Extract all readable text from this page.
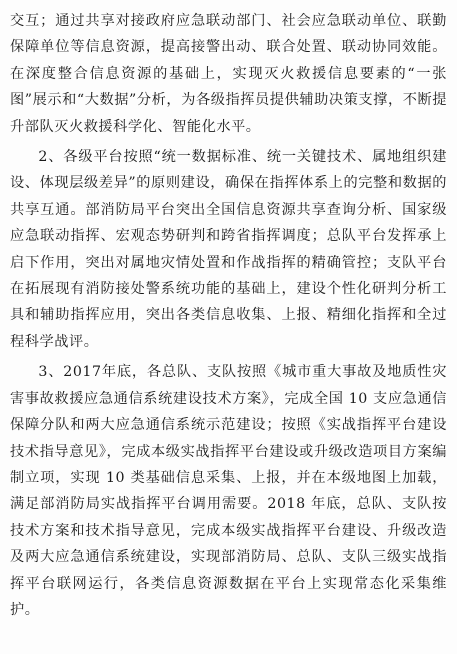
交互；通过共享对接政府应急联动部门、社会应急联动单位、联勤保障单位等信息资源，提高接警出动、联合处置、联动协同效能。在深度整合信息资源的基础上，实现灭火救援信息要素的“一张图”展示和“大数据”分析，为各级指挥员提供辅助决策支撑，不断提升部队灭火救援科学化、智能化水平。

2、各级平台按照“统一数据标准、统一关键技术、属地组织建设、体现层级差异”的原则建设，确保在指挥体系上的完整和数据的共享互通。部消防局平台突出全国信息资源共享查询分析、国家级应急联动指挥、宏观态势研判和跨省指挥调度；总队平台发挥承上启下作用，突出对属地灾情处置和作战指挥的精确管控；支队平台在拓展现有消防接处警系统功能的基础上，建设个性化研判分析工具和辅助指挥应用，突出各类信息收集、上报、精细化指挥和全过程科学战评。

3、2017年底，各总队、支队按照《城市重大事故及地质性灾害事故救援应急通信系统建设技术方案》，完成全国 10 支应急通信保障分队和两大应急通信系统示范建设；按照《实战指挥平台建设技术指导意见》，完成本级实战指挥平台建设或升级改造项目方案编制立项，实现 10 类基础信息采集、上报，并在本级地图上加载，满足部消防局实战指挥平台调用需要。2018 年底，总队、支队按技术方案和技术指导意见，完成本级实战指挥平台建设、升级改造及两大应急通信系统建设，实现部消防局、总队、支队三级实战指挥平台联网运行，各类信息资源数据在平台上实现常态化采集维护。
